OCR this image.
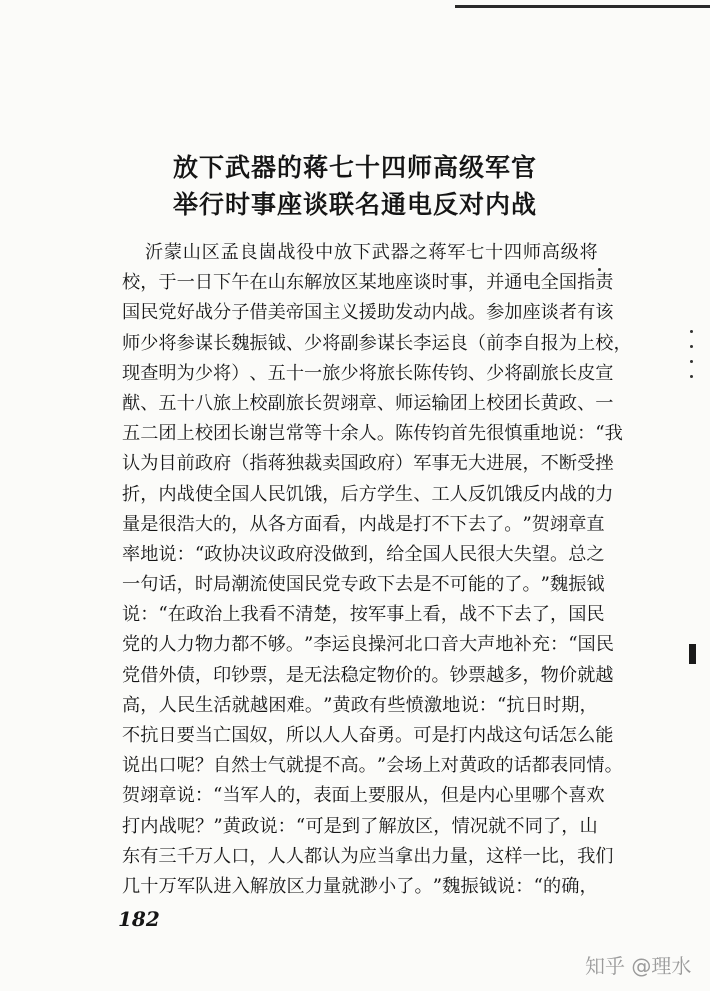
放下武器的蒋七十四师高级军官
举行时事座谈联名通电反对内战
沂 蒙 山 区 孟 良 崮 战 役 中 放 下 武 器 之 蒋 军 七 十 四 师 高 级 将
校 ， 于 一 日 下 午 在 山 东 解 放 区 某 地 座 谈 时 事 ， 并 通 电 全 国 指 责
国 民 党 好 战 分 子 借 美 帝 国 主 义 援 助 发 动 内 战 。 参 加 座 谈 者 有 该
师 少 将 参 谋 长 魏 振 钺 、 少 将 副 参 谋 长 李 运 良 （ 前 李 自 报 为 上 校 ，
现 查 明 为 少 将 ） 、 五 十 一 旅 少 将 旅 长 陈 传 钧 、 少 将 副 旅 长 皮 宣
猷 、 五 十 八 旅 上 校 副 旅 长 贺 翊 章 、 师 运 输 团 上 校 团 长 黄 政 、 一
五 二 团 上 校 团 长 谢 岂 常 等 十 余 人 。 陈 传 钧 首 先 很 慎 重 地 说 ： “ 我
认 为 目 前 政 府 （ 指 蒋 独 裁 卖 国 政 府 ） 军 事 无 大 进 展 ， 不 断 受 挫
折 ， 内 战 使 全 国 人 民 饥 饿 ， 后 方 学 生 、 工 人 反 饥 饿 反 内 战 的 力
量 是 很 浩 大 的 ， 从 各 方 面 看 ， 内 战 是 打 不 下 去 了 。 ” 贺 翊 章 直
率 地 说 ： “ 政 协 决 议 政 府 没 做 到 ， 给 全 国 人 民 很 大 失 望 。 总 之
一 句 话 ， 时 局 潮 流 使 国 民 党 专 政 下 去 是 不 可 能 的 了 。 ” 魏 振 钺
说 ： “ 在 政 治 上 我 看 不 清 楚 ， 按 军 事 上 看 ， 战 不 下 去 了 ， 国 民
党 的 人 力 物 力 都 不 够 。 ” 李 运 良 操 河 北 口 音 大 声 地 补 充 ： “ 国 民
党 借 外 债 ， 印 钞 票 ， 是 无 法 稳 定 物 价 的 。 钞 票 越 多 ， 物 价 就 越
高 ， 人 民 生 活 就 越 困 难 。 ” 黄 政 有 些 愤 激 地 说 ： “ 抗 日 时 期 ，
不 抗 日 要 当 亡 国 奴 ， 所 以 人 人 奋 勇 。 可 是 打 内 战 这 句 话 怎 么 能
说 出 口 呢 ？ 自 然 士 气 就 提 不 高 。 ” 会 场 上 对 黄 政 的 话 都 表 同 情 。
贺 翊 章 说 ： “ 当 军 人 的 ， 表 面 上 要 服 从 ， 但 是 内 心 里 哪 个 喜 欢
打 内 战 呢 ？ ” 黄 政 说 ： “ 可 是 到 了 解 放 区 ， 情 况 就 不 同 了 ， 山
东 有 三 千 万 人 口 ， 人 人 都 认 为 应 当 拿 出 力 量 ， 这 样 一 比 ， 我 们
几 十 万 军 队 进 入 解 放 区 力 量 就 渺 小 了 。 ” 魏 振 钺 说 ： “ 的 确 ，
182
知乎 @理水
